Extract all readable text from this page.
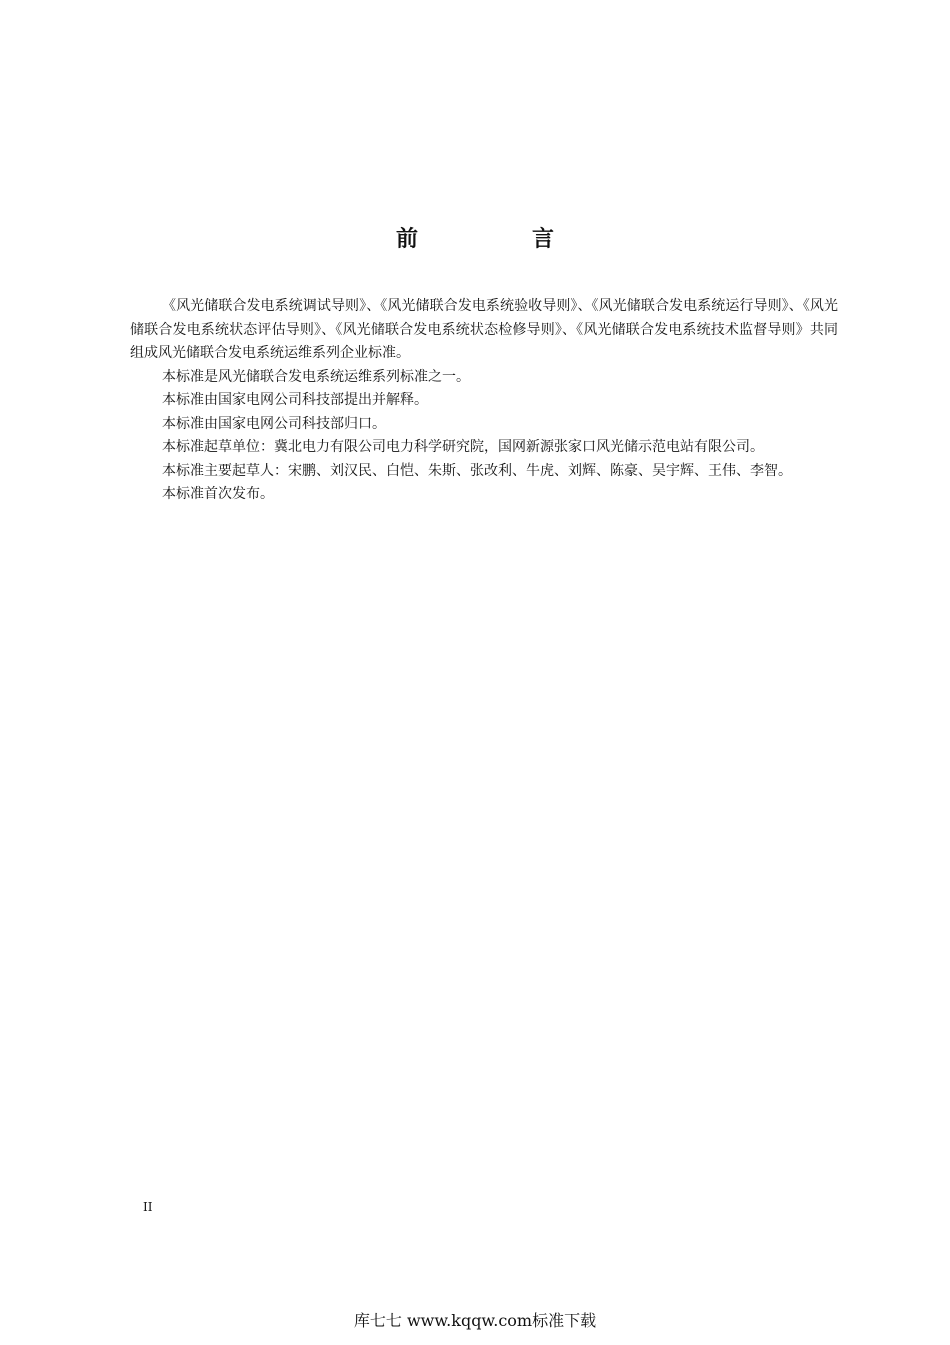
前　言

《风光储联合发电系统调试导则》、《风光储联合发电系统验收导则》、《风光储联合发电系统运行导则》、《风光储联合发电系统状态评估导则》、《风光储联合发电系统状态检修导则》、《风光储联合发电系统技术监督导则》共同组成风光储联合发电系统运维系列企业标准。

本标准是风光储联合发电系统运维系列标准之一。

本标准由国家电网公司科技部提出并解释。

本标准由国家电网公司科技部归口。

本标准起草单位：冀北电力有限公司电力科学研究院，国网新源张家口风光储示范电站有限公司。

本标准主要起草人：宋鹏、刘汉民、白恺、朱斯、张改利、牛虎、刘辉、陈豪、吴宇辉、王伟、李智。

本标准首次发布。

II
库七七 www.kqqw.com标准下载
